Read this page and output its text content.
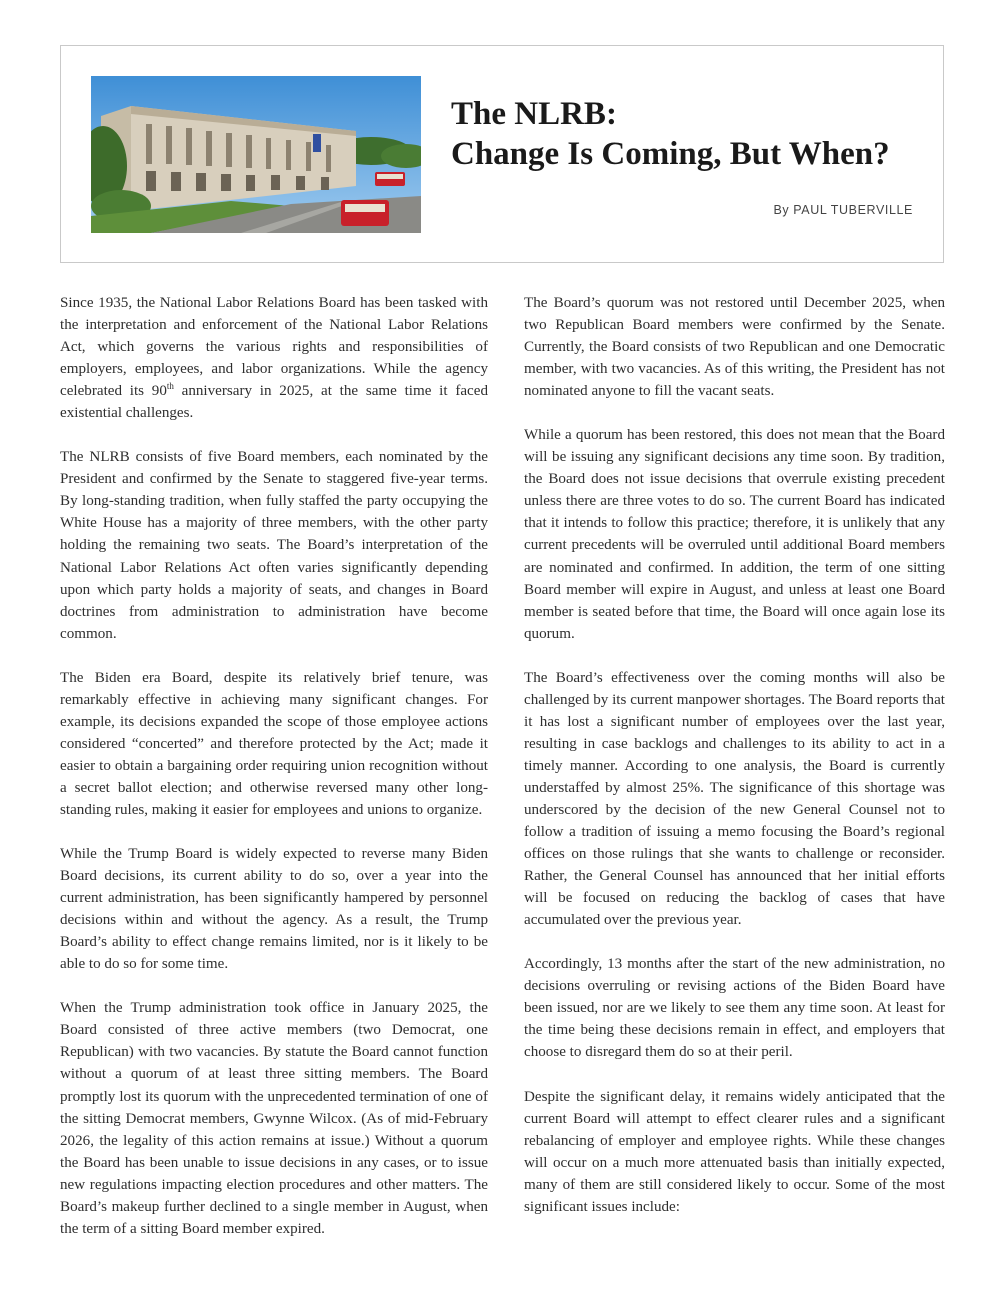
The NLRB:
Change Is Coming, But When?
By PAUL TUBERVILLE

Since 1935, the National Labor Relations Board has been tasked with the interpretation and enforcement of the National Labor Relations Act, which governs the various rights and responsibilities of employers, employees, and labor organizations. While the agency celebrated its 90th anniversary in 2025, at the same time it faced existential challenges.

The NLRB consists of five Board members, each nominated by the President and confirmed by the Senate to staggered five-year terms. By long-standing tradition, when fully staffed the party occupying the White House has a majority of three members, with the other party holding the remaining two seats. The Board’s interpretation of the National Labor Relations Act often varies significantly depending upon which party holds a majority of seats, and changes in Board doctrines from administration to administration have become common.

The Biden era Board, despite its relatively brief tenure, was remarkably effective in achieving many significant changes. For example, its decisions expanded the scope of those employee actions considered “concerted” and therefore protected by the Act; made it easier to obtain a bargaining order requiring union recognition without a secret ballot election; and otherwise reversed many other long-standing rules, making it easier for employees and unions to organize.

While the Trump Board is widely expected to reverse many Biden Board decisions, its current ability to do so, over a year into the current administration, has been significantly hampered by personnel decisions within and without the agency. As a result, the Trump Board’s ability to effect change remains limited, nor is it likely to be able to do so for some time.

When the Trump administration took office in January 2025, the Board consisted of three active members (two Democrat, one Republican) with two vacancies. By statute the Board cannot function without a quorum of at least three sitting members. The Board promptly lost its quorum with the unprecedented termination of one of the sitting Democrat members, Gwynne Wilcox. (As of mid-February 2026, the legality of this action remains at issue.) Without a quorum the Board has been unable to issue decisions in any cases, or to issue new regulations impacting election procedures and other matters. The Board’s makeup further declined to a single member in August, when the term of a sitting Board member expired.

The Board’s quorum was not restored until December 2025, when two Republican Board members were confirmed by the Senate. Currently, the Board consists of two Republican and one Democratic member, with two vacancies. As of this writing, the President has not nominated anyone to fill the vacant seats.

While a quorum has been restored, this does not mean that the Board will be issuing any significant decisions any time soon. By tradition, the Board does not issue decisions that overrule existing precedent unless there are three votes to do so. The current Board has indicated that it intends to follow this practice; therefore, it is unlikely that any current precedents will be overruled until additional Board members are nominated and confirmed. In addition, the term of one sitting Board member will expire in August, and unless at least one Board member is seated before that time, the Board will once again lose its quorum.

The Board’s effectiveness over the coming months will also be challenged by its current manpower shortages. The Board reports that it has lost a significant number of employees over the last year, resulting in case backlogs and challenges to its ability to act in a timely manner. According to one analysis, the Board is currently understaffed by almost 25%. The significance of this shortage was underscored by the decision of the new General Counsel not to follow a tradition of issuing a memo focusing the Board’s regional offices on those rulings that she wants to challenge or reconsider. Rather, the General Counsel has announced that her initial efforts will be focused on reducing the backlog of cases that have accumulated over the previous year.

Accordingly, 13 months after the start of the new administration, no decisions overruling or revising actions of the Biden Board have been issued, nor are we likely to see them any time soon. At least for the time being these decisions remain in effect, and employers that choose to disregard them do so at their peril.

Despite the significant delay, it remains widely anticipated that the current Board will attempt to effect clearer rules and a significant rebalancing of employer and employee rights. While these changes will occur on a much more attenuated basis than initially expected, many of them are still considered likely to occur. Some of the most significant issues include:
